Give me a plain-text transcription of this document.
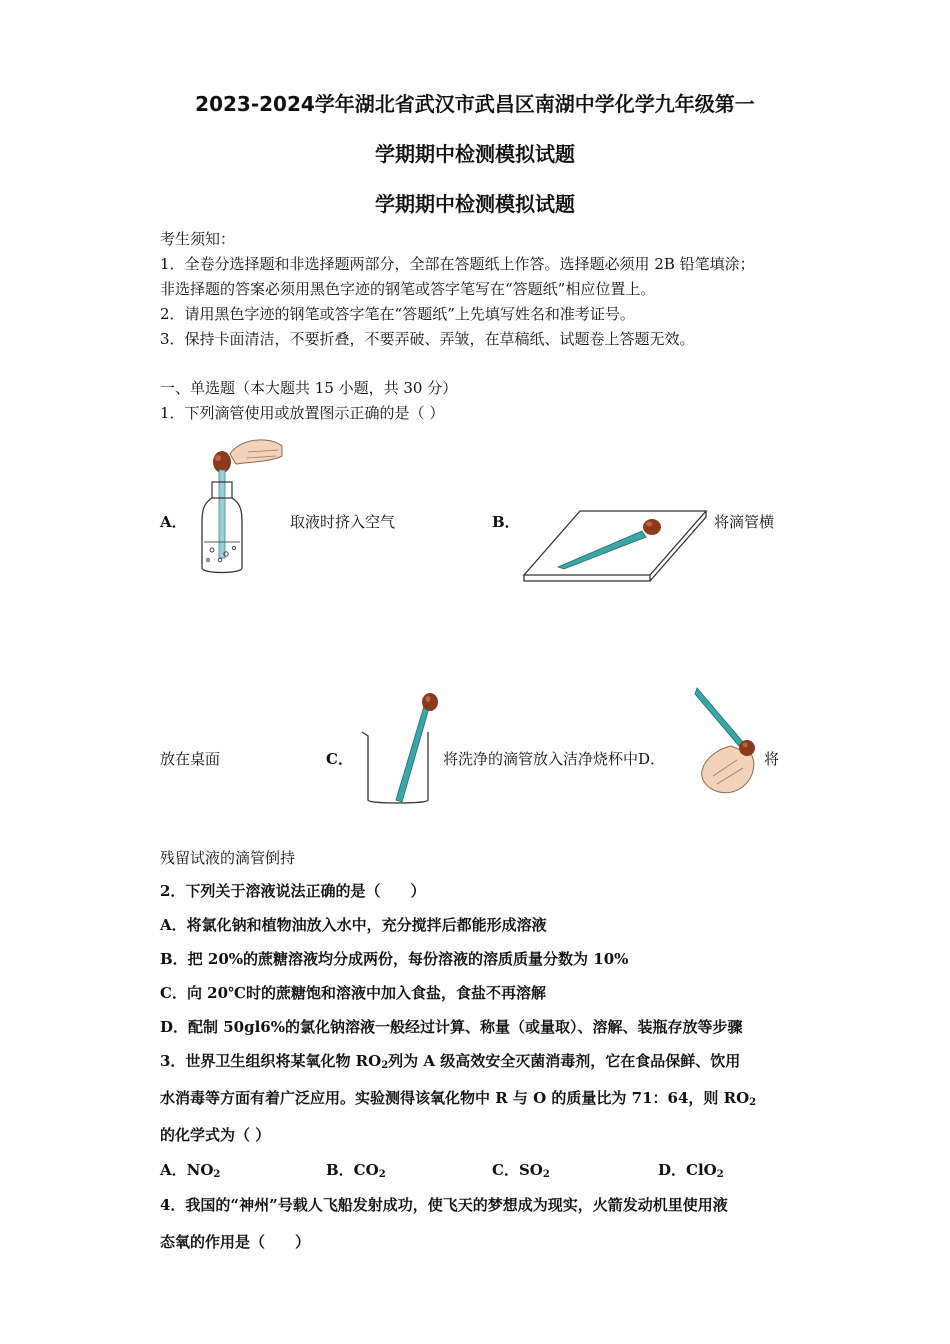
2023-2024学年湖北省武汉市武昌区南湖中学化学九年级第一
学期期中检测模拟试题
学期期中检测模拟试题
考生须知：
1．全卷分选择题和非选择题两部分，全部在答题纸上作答。选择题必须用 2B 铅笔填涂；
非选择题的答案必须用黑色字迹的钢笔或答字笔写在“答题纸”相应位置上。
2．请用黑色字迹的钢笔或答字笔在“答题纸”上先填写姓名和准考证号。
3．保持卡面清洁，不要折叠，不要弄破、弄皱，在草稿纸、试题卷上答题无效。
一、单选题（本大题共 15 小题，共 30 分）
1．下列滴管使用或放置图示正确的是（ ）
A．	取液时挤入空气	B．	将滴管横
放在桌面	C．	将洗净的滴管放入洁净烧杯中D．	将
残留试液的滴管倒持
2．下列关于溶液说法正确的是（　　）
A．将氯化钠和植物油放入水中，充分搅拌后都能形成溶液
B．把 20%的蔗糖溶液均分成两份，每份溶液的溶质质量分数为 10%
C．向 20℃时的蔗糖饱和溶液中加入食盐，食盐不再溶解
D．配制 50gl6%的氯化钠溶液一般经过计算、称量（或量取）、溶解、装瓶存放等步骤
3．世界卫生组织将某氧化物 $RO_2$列为 A 级高效安全灭菌消毒剂，它在食品保鲜、饮用
水消毒等方面有着广泛应用。实验测得该氧化物中 R 与 O 的质量比为 71：64，则 $RO_2$
的化学式为（ ）
A．$NO_2$	B．$CO_2$	C．$SO_2$	D．ClO$_2$
4．我国的“神州”号载人飞船发射成功，使飞天的梦想成为现实，火箭发动机里使用液
态氧的作用是（　　）
